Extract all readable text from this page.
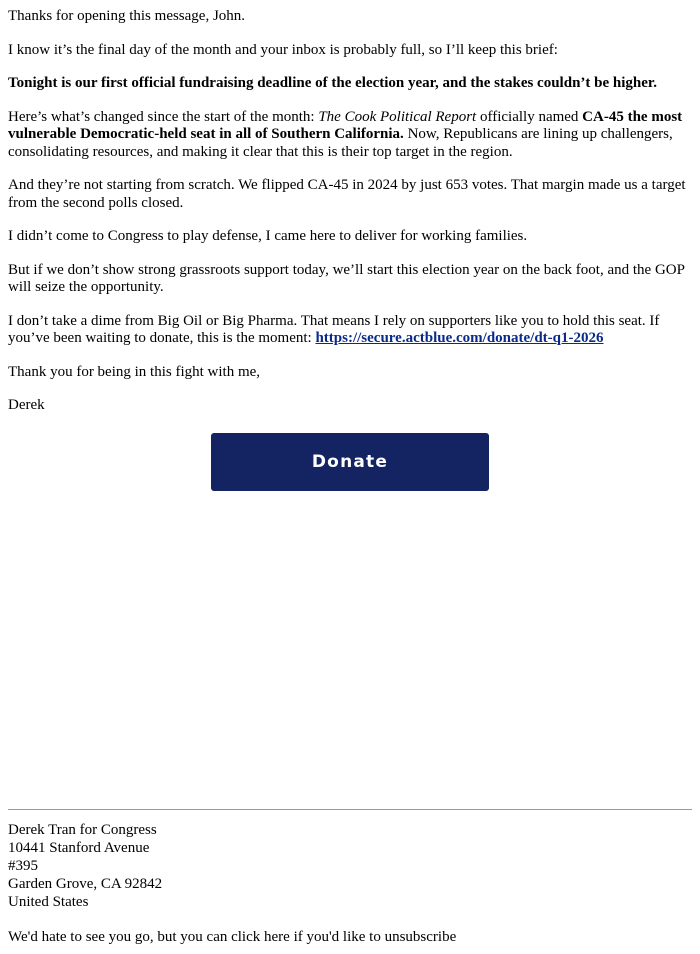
Thanks for opening this message, John.

I know it’s the final day of the month and your inbox is probably full, so I’ll keep this brief:

Tonight is our first official fundraising deadline of the election year, and the stakes couldn’t be higher.

Here’s what’s changed since the start of the month: The Cook Political Report officially named CA-45 the most vulnerable Democratic-held seat in all of Southern California. Now, Republicans are lining up challengers, consolidating resources, and making it clear that this is their top target in the region.

And they’re not starting from scratch. We flipped CA-45 in 2024 by just 653 votes. That margin made us a target from the second polls closed.

I didn’t come to Congress to play defense, I came here to deliver for working families.

But if we don’t show strong grassroots support today, we’ll start this election year on the back foot, and the GOP will seize the opportunity.

I don’t take a dime from Big Oil or Big Pharma. That means I rely on supporters like you to hold this seat. If you’ve been waiting to donate, this is the moment: https://secure.actblue.com/donate/dt-q1-2026

Thank you for being in this fight with me,

Derek

Donate
Derek Tran for Congress
10441 Stanford Avenue
#395
Garden Grove, CA 92842
United States
We'd hate to see you go, but you can click here if you'd like to unsubscribe
